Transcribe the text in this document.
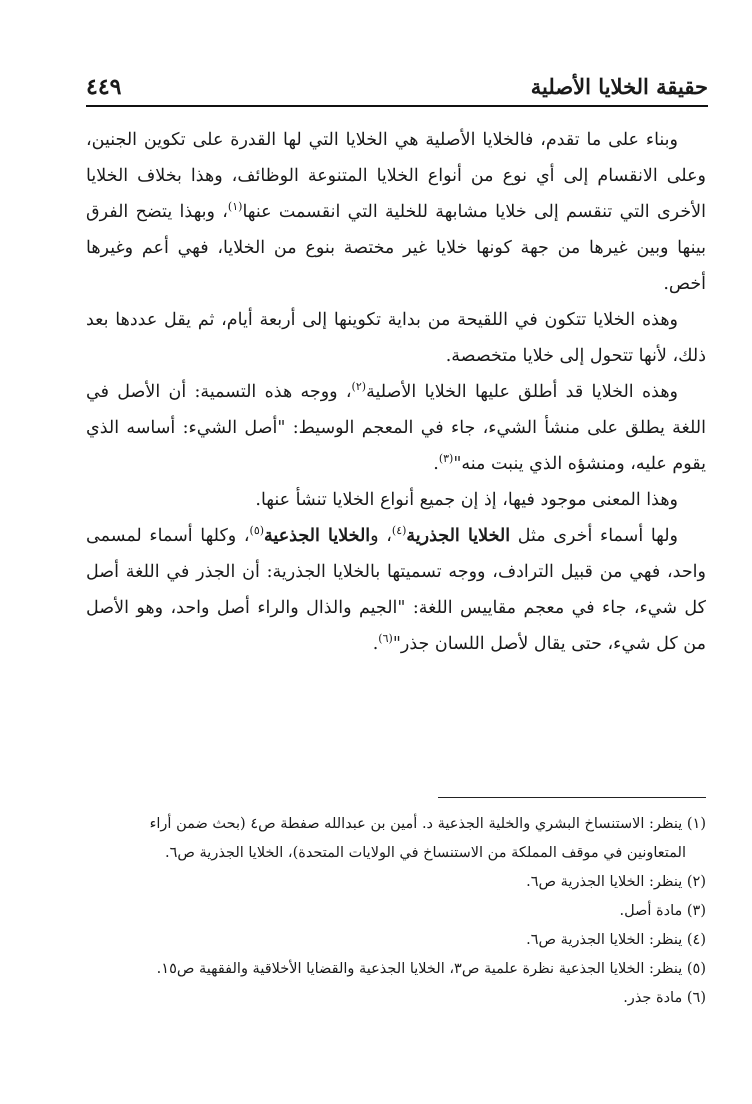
حقيقة الخلايا الأصلية
٤٤٩

وبناء على ما تقدم، فالخلايا الأصلية هي الخلايا التي لها القدرة على تكوين الجنين، وعلى الانقسام إلى أي نوع من أنواع الخلايا المتنوعة الوظائف، وهذا بخلاف الخلايا الأخرى التي تنقسم إلى خلايا مشابهة للخلية التي انقسمت عنها$^{(١)}$، وبهذا يتضح الفرق بينها وبين غيرها من جهة كونها خلايا غير مختصة بنوع من الخلايا، فهي أعم وغيرها أخص.

وهذه الخلايا تتكون في اللقيحة من بداية تكوينها إلى أربعة أيام، ثم يقل عددها بعد ذلك، لأنها تتحول إلى خلايا متخصصة.

وهذه الخلايا قد أطلق عليها الخلايا الأصلية$^{(٢)}$، ووجه هذه التسمية: أن الأصل في اللغة يطلق على منشأ الشيء، جاء في المعجم الوسيط: "أصل الشيء: أساسه الذي يقوم عليه، ومنشؤه الذي ينبت منه"$^{(٣)}$.

وهذا المعنى موجود فيها، إذ إن جميع أنواع الخلايا تنشأ عنها.

ولها أسماء أخرى مثل الخلايا الجذرية$^{(٤)}$، والخلايا الجذعية$^{(٥)}$، وكلها أسماء لمسمى واحد، فهي من قبيل الترادف، ووجه تسميتها بالخلايا الجذرية: أن الجذر في اللغة أصل كل شيء، جاء في معجم مقاييس اللغة: "الجيم والذال والراء أصل واحد، وهو الأصل من كل شيء، حتى يقال لأصل اللسان جذر"$^{(٦)}$.

(١) ينظر: الاستنساخ البشري والخلية الجذعية د. أمين بن عبدالله صفطة ص٤ (بحث ضمن أراء
المتعاونين في موقف المملكة من الاستنساخ في الولايات المتحدة)، الخلايا الجذرية ص٦.
(٢) ينظر: الخلايا الجذرية ص٦.
(٣) مادة أصل.
(٤) ينظر: الخلايا الجذرية ص٦.
(٥) ينظر: الخلايا الجذعية نظرة علمية ص٣، الخلايا الجذعية والقضايا الأخلاقية والفقهية ص١٥.
(٦) مادة جذر.
